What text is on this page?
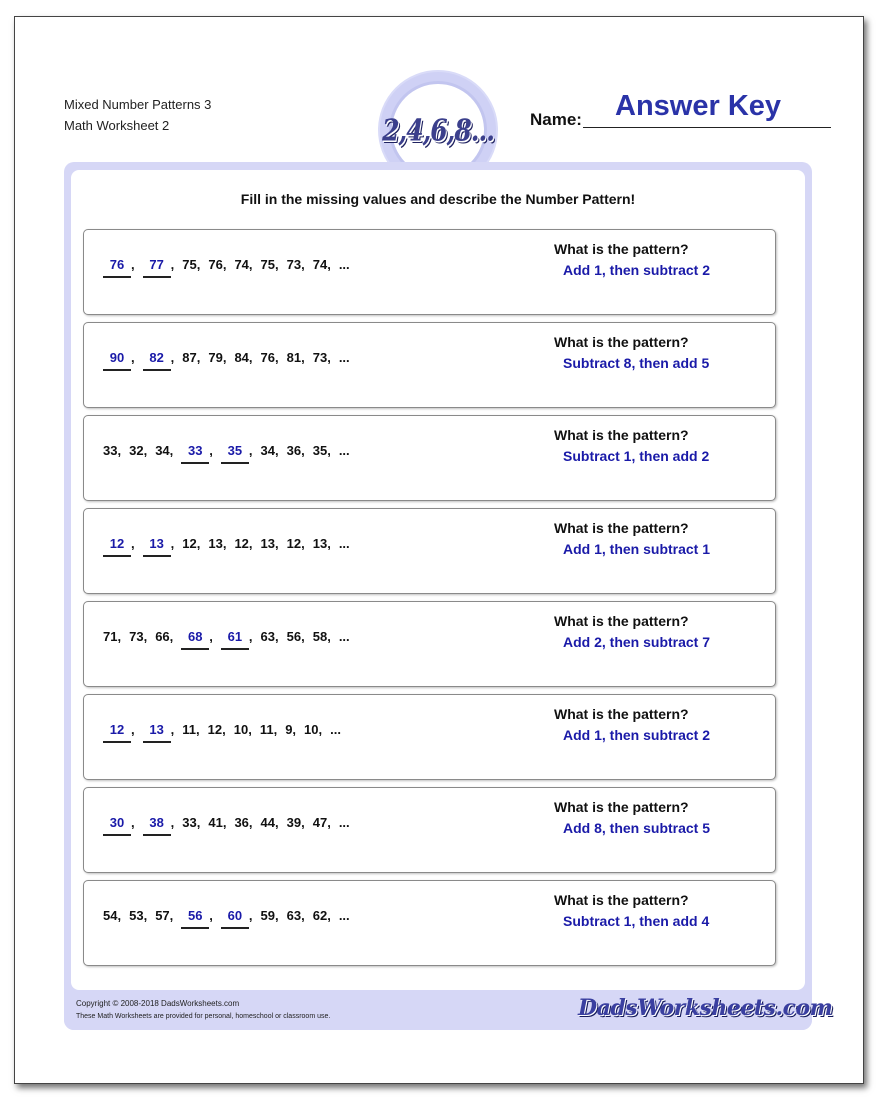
Mixed Number Patterns 3
Math Worksheet 2	2,4,6,8... Name: Answer Key
Fill in the missing values and describe the Number Pattern!
76 ,	77 , 75 , 76 , 74 , 75 , 73 , 74 , ...
What is the pattern?
Add 1, then subtract 2
90 ,	82 , 87 , 79 , 84 , 76 , 81 , 73 , ...
What is the pattern?
Subtract 8, then add 5
33 , 32 , 34 ,	33 ,	35 , 34 , 36 , 35 , ...
What is the pattern?
Subtract 1, then add 2
12 ,	13 , 12 , 13 , 12 , 13 , 12 , 13 , ...
What is the pattern?
Add 1, then subtract 1
71 , 73 , 66 ,	68 ,	61 , 63 , 56 , 58 , ...
What is the pattern?
Add 2, then subtract 7
12 ,	13 , 11 , 12 , 10 , 11 , 9 , 10 , ...
What is the pattern?
Add 1, then subtract 2
30 ,	38 , 33 , 41 , 36 , 44 , 39 , 47 , ...
What is the pattern?
Add 8, then subtract 5
54 , 53 , 57 ,	56 ,	60 , 59 , 63 , 62 , ...
What is the pattern?
Subtract 1, then add 4
Copyright © 2008-2018 DadsWorksheets.com
These Math Worksheets are provided for personal, homeschool or classroom use.	DadsWorksheets.com
